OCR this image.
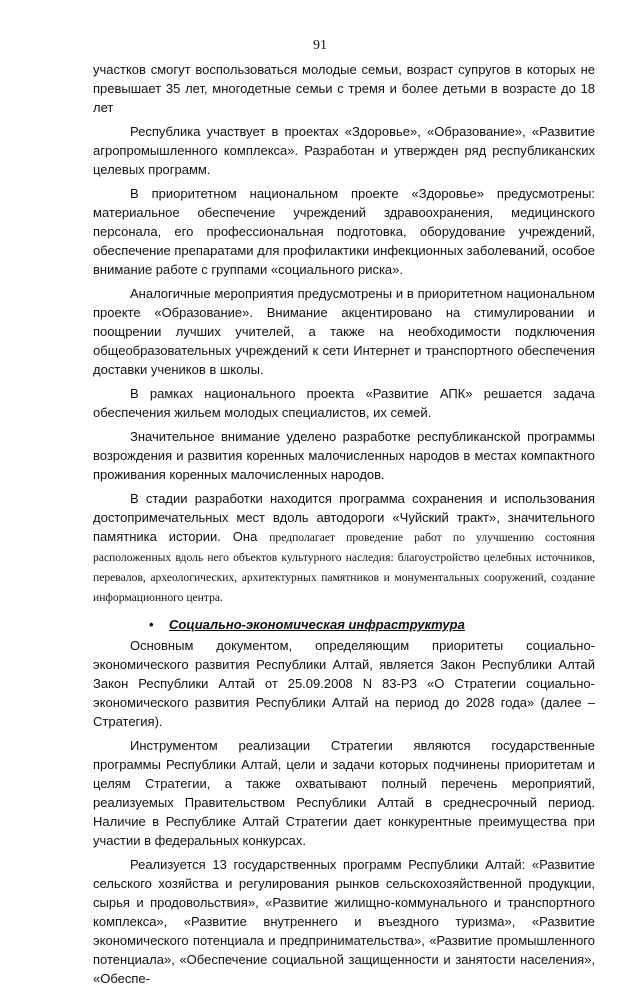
91

участков смогут воспользоваться молодые семьи, возраст супругов в которых не превышает 35 лет, многодетные семьи с тремя и более детьми в возрасте до 18 лет

Республика участвует в проектах «Здоровье», «Образование», «Развитие агропромышленного комплекса». Разработан и утвержден ряд республиканских целевых программ.

В приоритетном национальном проекте «Здоровье» предусмотрены: материальное обеспечение учреждений здравоохранения, медицинского персонала, его профессиональная подготовка, оборудование учреждений, обеспечение препаратами для профилактики инфекционных заболеваний, особое внимание работе с группами «социального риска».

Аналогичные мероприятия предусмотрены и в приоритетном национальном проекте «Образование». Внимание акцентировано на стимулировании и поощрении лучших учителей, а также на необходимости подключения общеобразовательных учреждений к сети Интернет и транспортного обеспечения доставки учеников в школы.

В рамках национального проекта «Развитие АПК» решается задача обеспечения жильем молодых специалистов, их семей.

Значительное внимание уделено разработке республиканской программы возрождения и развития коренных малочисленных народов в местах компактного проживания коренных малочисленных народов.

В стадии разработки находится программа сохранения и использования достопримечательных мест вдоль автодороги «Чуйский тракт», значительного памятника истории. Она предполагает проведение работ по улучшению состояния расположенных вдоль него объектов культурного наследия: благоустройство целебных источников, перевалов, археологических, архитектурных памятников и монументальных сооружений, создание информационного центра.
• Социально-экономическая инфраструктура

Основным документом, определяющим приоритеты социально-экономического развития Республики Алтай, является Закон Республики Алтай Закон Республики Алтай от 25.09.2008 N 83-РЗ «О Стратегии социально-экономического развития Республики Алтай на период до 2028 года» (далее – Стратегия).

Инструментом реализации Стратегии являются государственные программы Республики Алтай, цели и задачи которых подчинены приоритетам и целям Стратегии, а также охватывают полный перечень мероприятий, реализуемых Правительством Республики Алтай в среднесрочный период. Наличие в Республике Алтай Стратегии дает конкурентные преимущества при участии в федеральных конкурсах.

Реализуется 13 государственных программ Республики Алтай: «Развитие сельского хозяйства и регулирования рынков сельскохозяйственной продукции, сырья и продовольствия», «Развитие жилищно-коммунального и транспортного комплекса», «Развитие внутреннего и въездного туризма», «Развитие экономического потенциала и предпринимательства», «Развитие промышленного потенциала», «Обеспечение социальной защищенности и занятости населения», «Обеспе-
